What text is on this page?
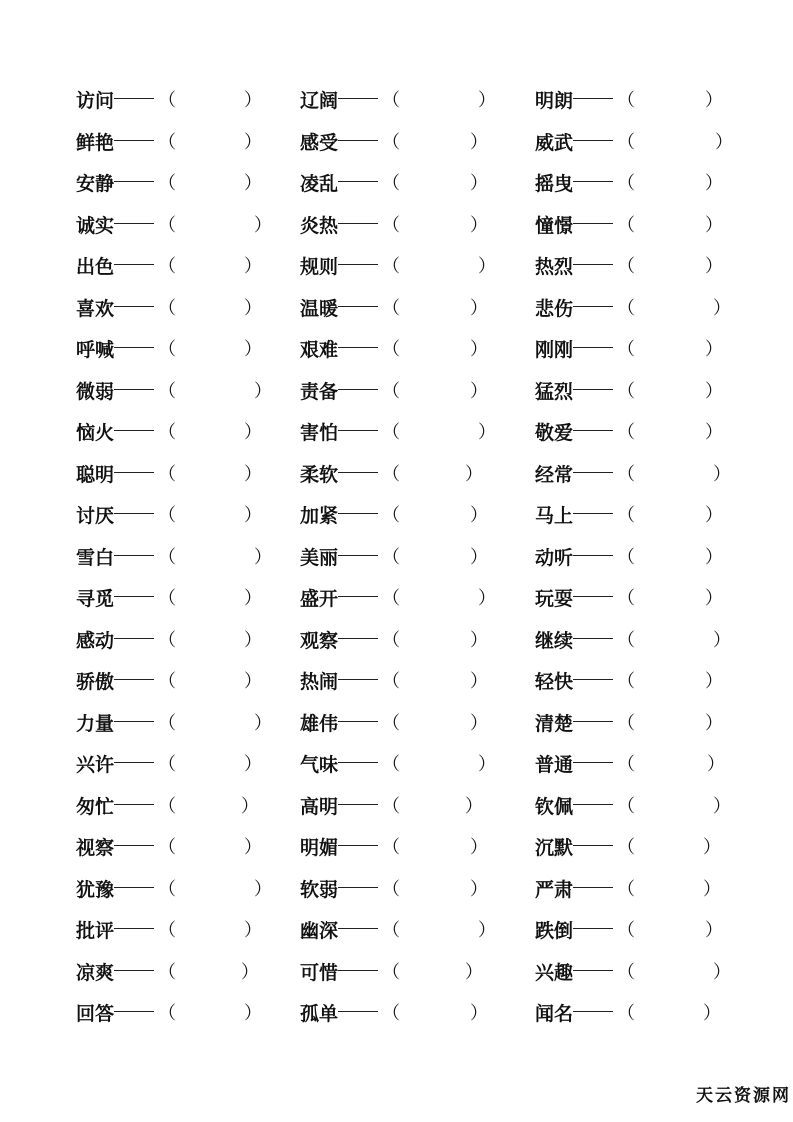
访问 （	） 辽阔 （	） 明朗 （	）
鲜艳 （	） 感受 （	） 威武 （	）
安静 （	） 凌乱 （	） 摇曳 （	）
诚实 （	） 炎热 （	） 憧憬 （	）
出色 （	） 规则 （	） 热烈 （	）
喜欢 （	） 温暖 （	） 悲伤 （	）
呼喊 （	） 艰难 （	） 刚刚 （	）
微弱 （	） 责备 （	） 猛烈 （	）
恼火 （	） 害怕 （	） 敬爱 （	）
聪明 （	） 柔软 （	）	经常 （	）
讨厌 （	） 加紧 （	） 马上 （	）
雪白 （	） 美丽 （	） 动听 （	）
寻觅 （	） 盛开 （	） 玩耍 （	）
感动 （	） 观察 （	） 继续 （	）
骄傲 （	） 热闹 （	） 轻快 （	）
力量 （	） 雄伟 （	） 清楚 （	）
兴许 （	） 气味 （	） 普通 （	）
匆忙 （	） 高明 （	）	钦佩 （	）
视察 （	） 明媚 （	） 沉默 （	）
犹豫 （	） 软弱 （	） 严肃 （	）
批评 （	） 幽深 （	） 跌倒 （	）
凉爽 （	） 可惜 （	）	兴趣 （	）
回答 （	） 孤单 （	） 闻名 （	）
天云资源网
